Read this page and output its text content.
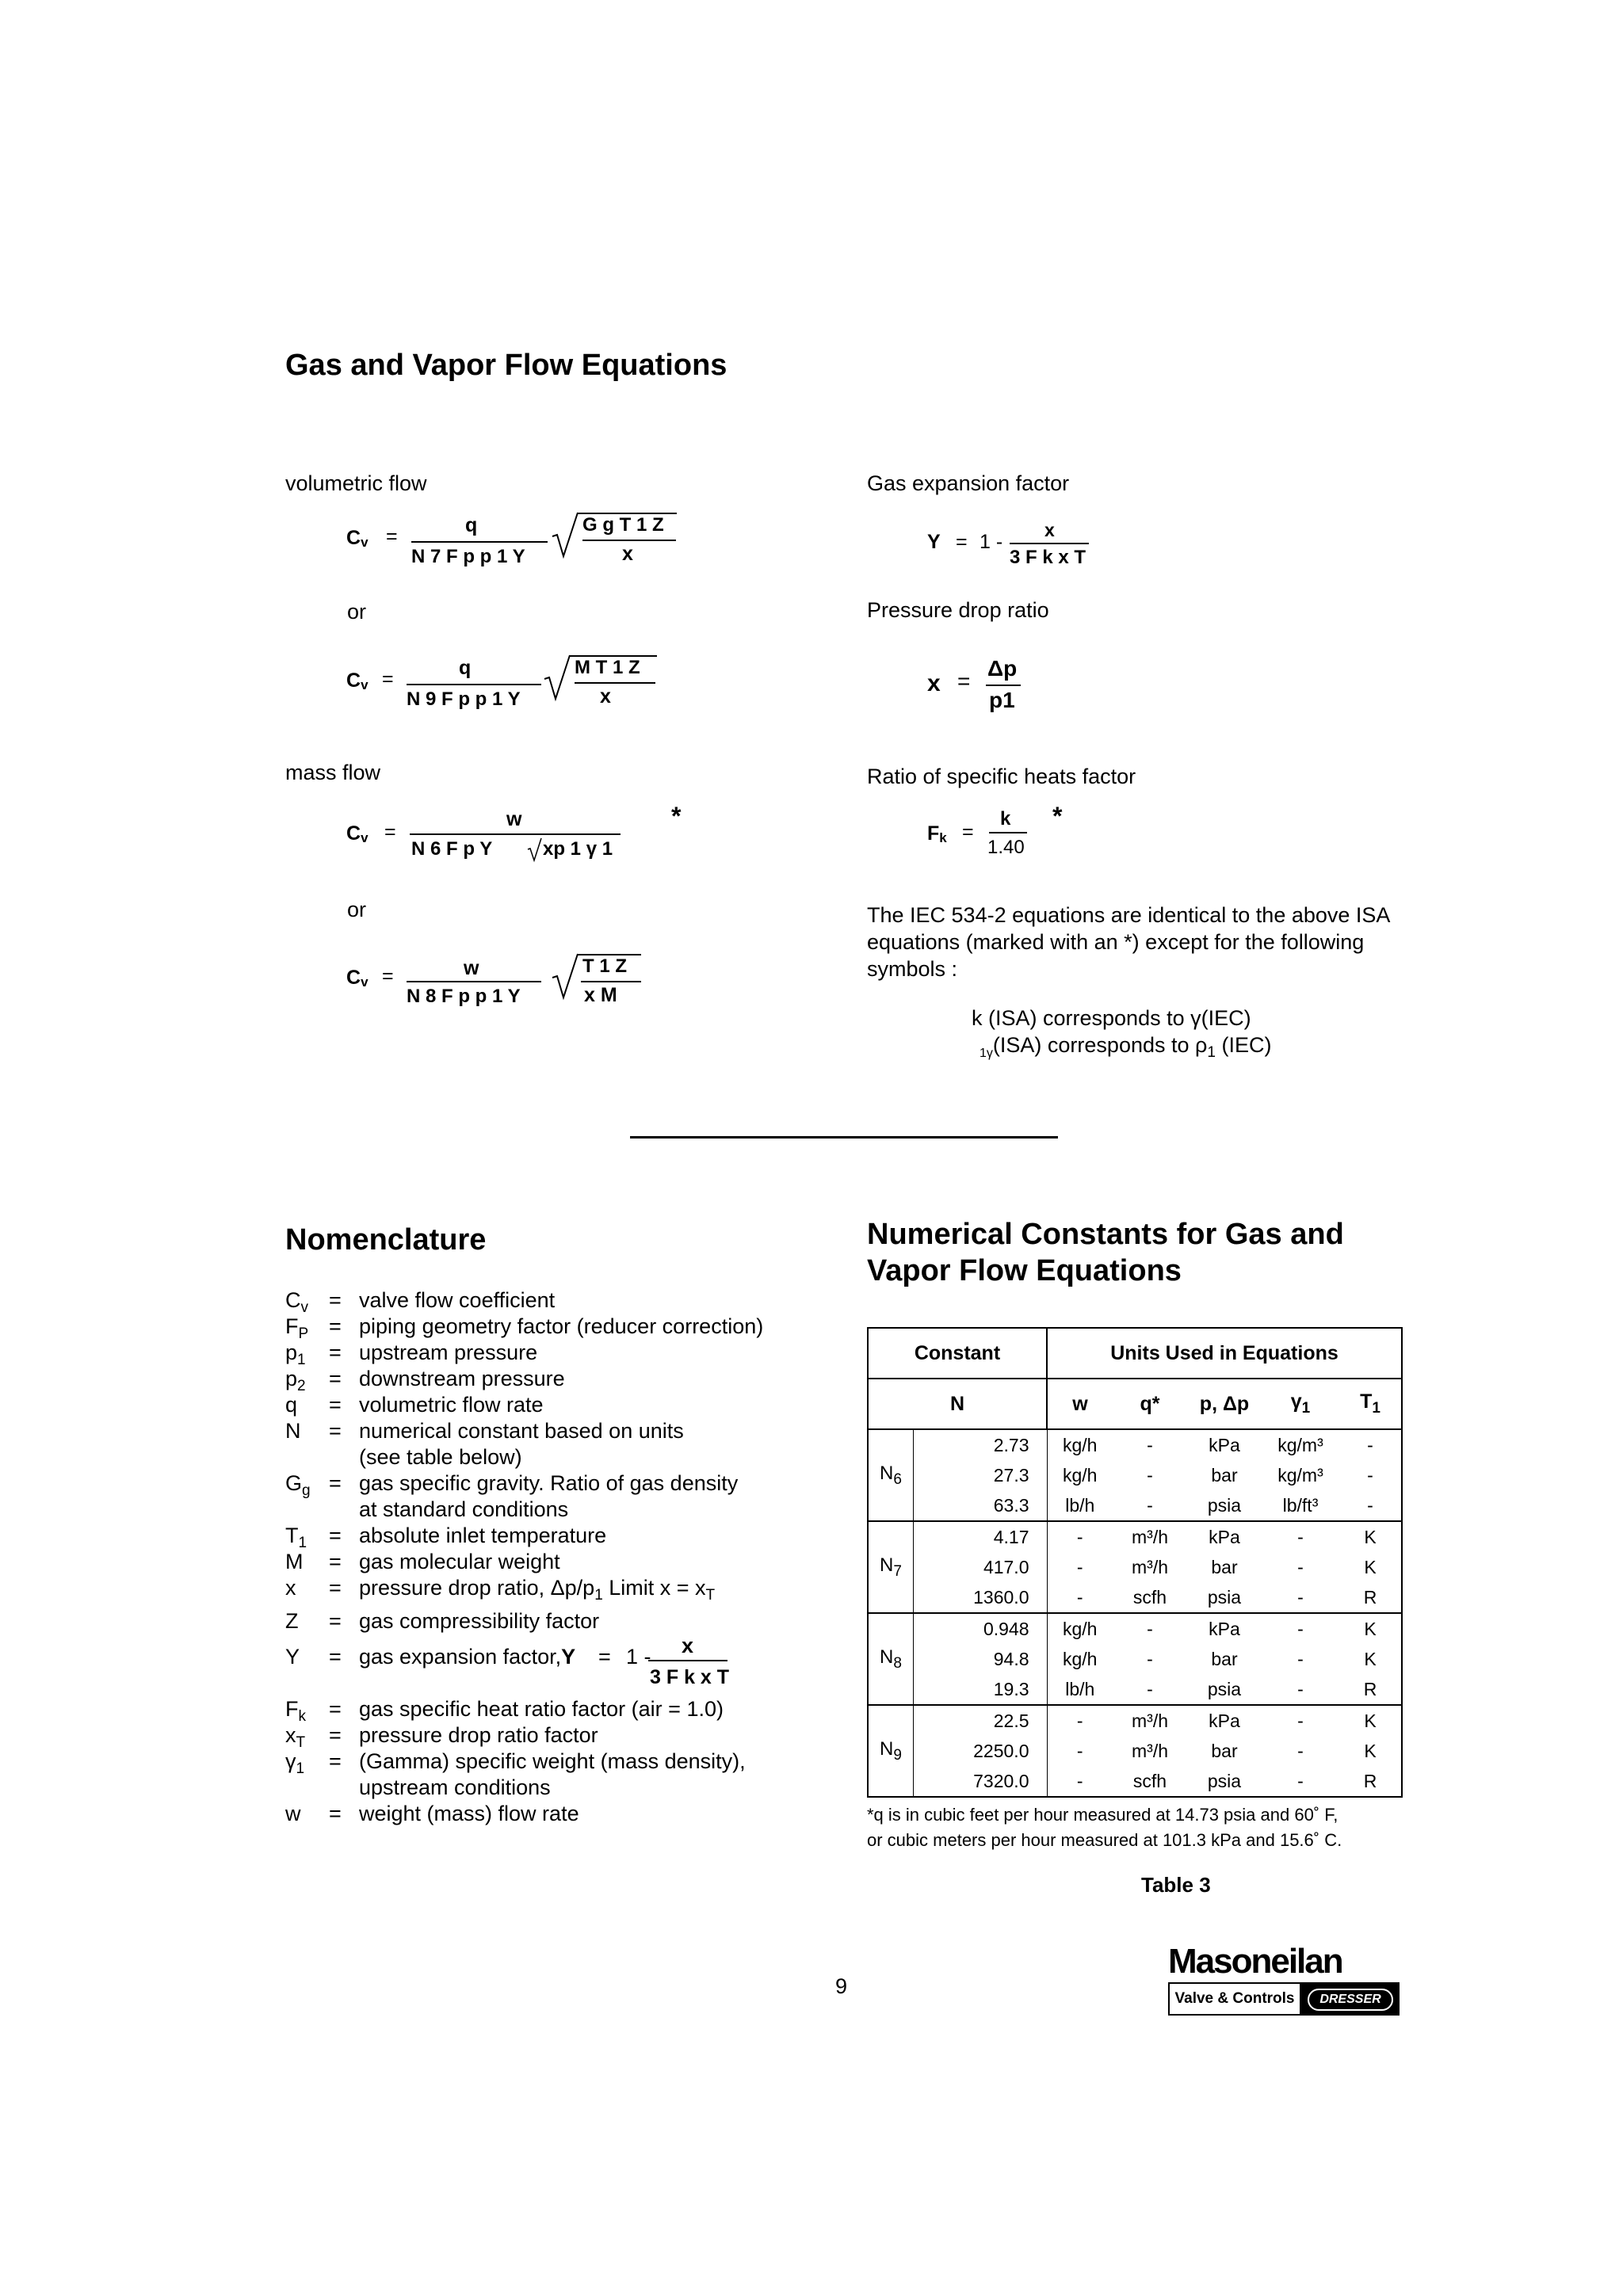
Gas and Vapor Flow Equations
volumetric flow
or
mass flow
or
Cv =	q
N 7 F p p 1 Y
G g T 1 Z
x
Cv =	q
N 9 F p p 1 Y
M T 1 Z
x
Cv =
w
N 6 F p Y	xp 1 γ 1
*
Cv =	w
N 8 F p p 1 Y
T 1 Z
x M
Gas expansion factor
Pressure drop ratio
Ratio of specific heats factor
Y = 1 -
x
3 F k x T
x =
Δp
p1
Fk =
k
1.40
*
The IEC 534-2 equations are identical to the above ISA equations (marked with an *) except for the following symbols :
k (ISA) corresponds to γ(IEC)
$_{1\gamma}$(ISA) corresponds to $\rho_1$ (IEC)
Nomenclature
$C_v$ = valve flow coefficient
$F_P$ = piping geometry factor (reducer correction)
$p_1$ = upstream pressure
$p_2$ = downstream pressure
q = volumetric flow rate
N = numerical constant based on units
(see table below)
$G_g$ = gas specific gravity. Ratio of gas density
at standard conditions
$T_1$ = absolute inlet temperature
M = gas molecular weight
x = pressure drop ratio, $\Delta p/p_1$ Limit $x = x_T$
Z = gas compressibility factor
Y = gas expansion factor,Y = 1 - x
3 F k x T
$F_k$ = gas specific heat ratio factor (air = 1.0)
$x_T$ = pressure drop ratio factor
$\gamma_1$ = (Gamma) specific weight (mass density),
upstream conditions
w = weight (mass) flow rate
Numerical Constants for Gas and
Vapor Flow Equations
Constant		Units Used in Equations				
N		w	q*	p, Δp	$\gamma_1$	$T_1$
$N_6$	2.73	kg/h	-	kPa	kg/m³	-
	27.3	kg/h	-	bar	kg/m³	-
	63.3	lb/h	-	psia	lb/ft³	-
$N_7$	4.17	-	m³/h	kPa	-	K
	417.0	-	m³/h	bar	-	K
	1360.0	-	scfh	psia	-	R
$N_8$	0.948	kg/h	-	kPa	-	K
	94.8	kg/h	-	bar	-	K
	19.3	lb/h	-	psia	-	R
$N_9$	22.5	-	m³/h	kPa	-	K
	2250.0	-	m³/h	bar	-	K
	7320.0	-	scfh	psia	-	R
*q is in cubic feet per hour measured at 14.73 psia and 60˚ F,
or cubic meters per hour measured at 101.3 kPa and 15.6˚ C.
Table 3
9
Masoneilan
Valve & Controls	DRESSER
